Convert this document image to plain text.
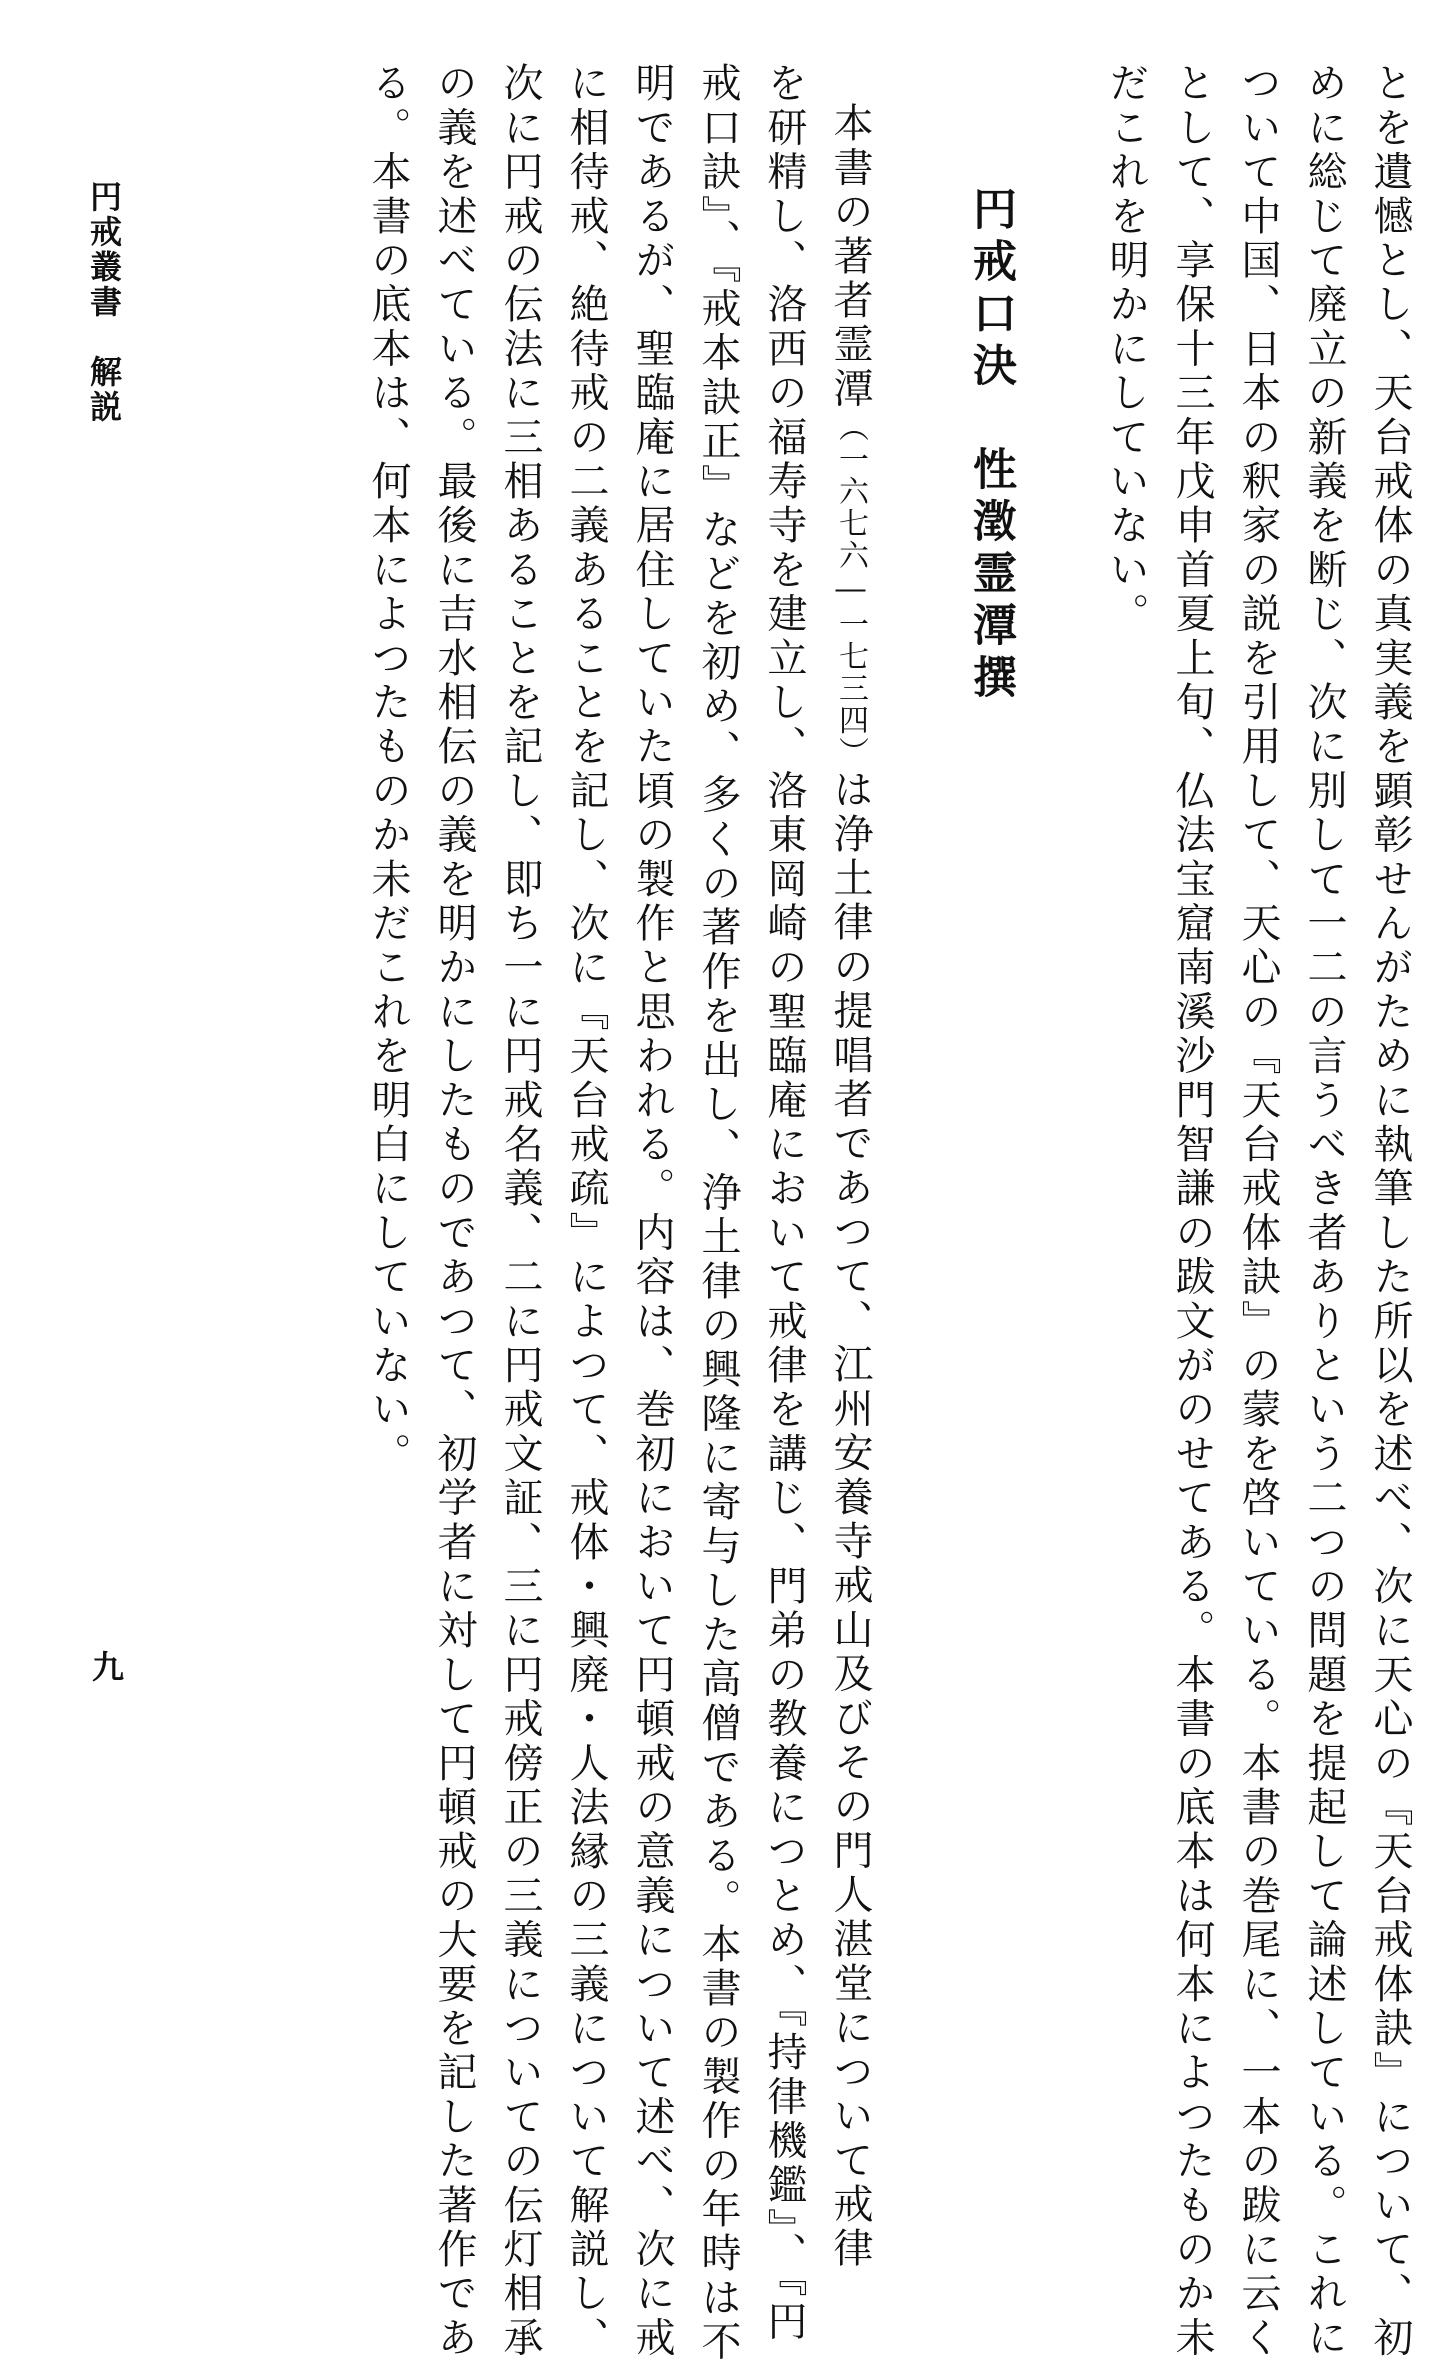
とを遺憾とし、天台戒体の真実義を顕彰せんがために執筆した所以を述べ、次に天心の『天台戒体訣』について、初

めに総じて廃立の新義を断じ、次に別して一二の言うべき者ありという二つの問題を提起して論述している。これに

ついて中国、日本の釈家の説を引用して、天心の『天台戒体訣』の蒙を啓いている。本書の巻尾に、一本の跋に云く

として、享保十三年戊申首夏上旬、仏法宝窟南溪沙門智謙の跋文がのせてある。本書の底本は何本によつたものか未

だこれを明かにしていない。

円戒口決　性澂霊潭撰

本書の著者霊潭（一六七六―一七三四）は浄土律の提唱者であつて、江州安養寺戒山及びその門人湛堂について戒律

を研精し、洛西の福寿寺を建立し、洛東岡崎の聖臨庵において戒律を講じ、門弟の教養につとめ、『持律機鑑』、『円

戒口訣』、『戒本訣正』などを初め、多くの著作を出し、浄土律の興隆に寄与した高僧である。本書の製作の年時は不

明であるが、聖臨庵に居住していた頃の製作と思われる。内容は、巻初において円頓戒の意義について述べ、次に戒

に相待戒、絶待戒の二義あることを記し、次に『天台戒疏』によつて、戒体・興廃・人法縁の三義について解説し、

次に円戒の伝法に三相あることを記し、即ち一に円戒名義、二に円戒文証、三に円戒傍正の三義についての伝灯相承

の義を述べている。最後に吉水相伝の義を明かにしたものであつて、初学者に対して円頓戒の大要を記した著作であ

る。本書の底本は、何本によつたものか未だこれを明白にしていない。

円戒叢書　解説
九
